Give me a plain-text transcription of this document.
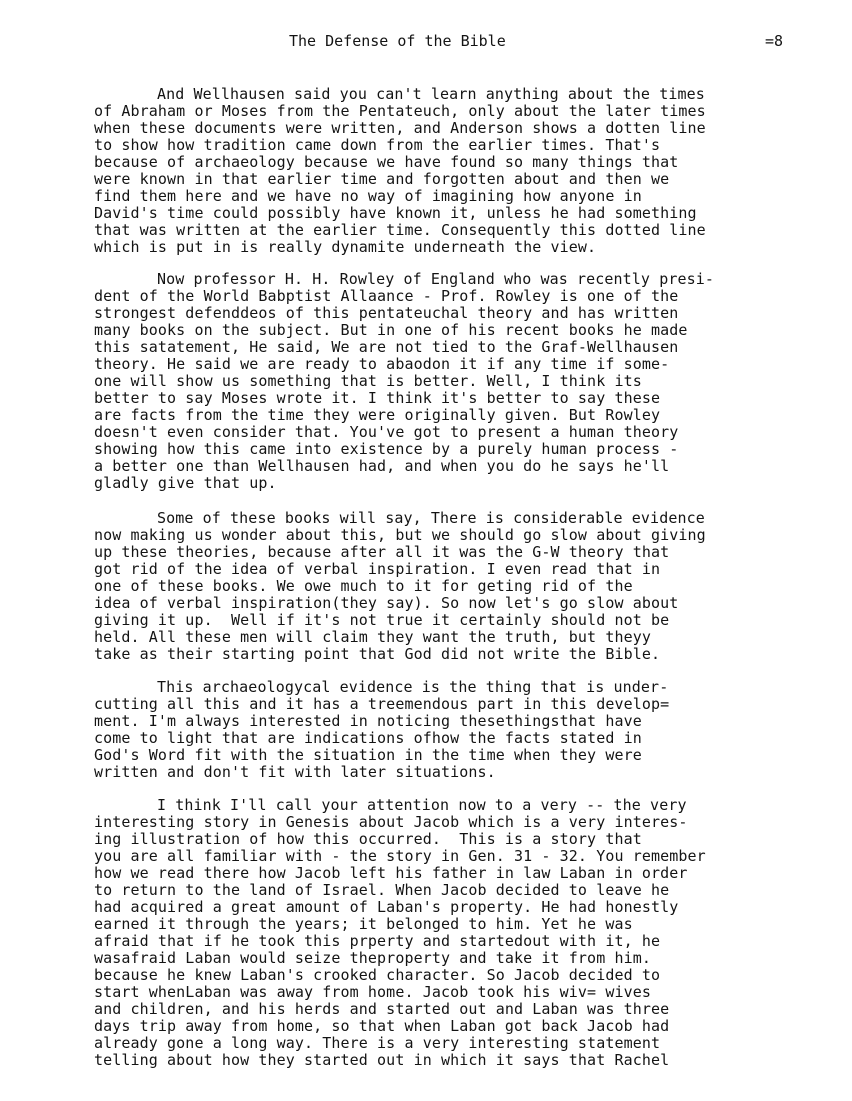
The Defense of the Bible	=8
And Wellhausen said you can't learn anything about the times
of Abraham or Moses from the Pentateuch, only about the later times
when these documents were written, and Anderson shows a dotten line
to show how tradition came down from the earlier times. That's
because of archaeology because we have found so many things that
were known in that earlier time and forgotten about and then we
find them here and we have no way of imagining how anyone in
David's time could possibly have known it, unless he had something
that was written at the earlier time. Consequently this dotted line
which is put in is really dynamite underneath the view.
Now professor H. H. Rowley of England who was recently presi-
dent of the World Babptist Allaance - Prof. Rowley is one of the
strongest defenddeos of this pentateuchal theory and has written
many books on the subject. But in one of his recent books he made
this satatement, He said, We are not tied to the Graf-Wellhausen
theory. He said we are ready to abaodon it if any time if some-
one will show us something that is better. Well, I think its
better to say Moses wrote it. I think it's better to say these
are facts from the time they were originally given. But Rowley
doesn't even consider that. You've got to present a human theory
showing how this came into existence by a purely human process -
a better one than Wellhausen had, and when you do he says he'll
gladly give that up.
Some of these books will say, There is considerable evidence
now making us wonder about this, but we should go slow about giving
up these theories, because after all it was the G-W theory that
got rid of the idea of verbal inspiration. I even read that in
one of these books. We owe much to it for geting rid of the
idea of verbal inspiration(they say). So now let's go slow about
giving it up.  Well if it's not true it certainly should not be
held. All these men will claim they want the truth, but theyy
take as their starting point that God did not write the Bible.
This archaeologycal evidence is the thing that is under-
cutting all this and it has a treemendous part in this develop=
ment. I'm always interested in noticing thesethingsthat have
come to light that are indications ofhow the facts stated in
God's Word fit with the situation in the time when they were
written and don't fit with later situations.
I think I'll call your attention now to a very -- the very
interesting story in Genesis about Jacob which is a very interes-
ing illustration of how this occurred.  This is a story that
you are all familiar with - the story in Gen. 31 - 32. You remember
how we read there how Jacob left his father in law Laban in order
to return to the land of Israel. When Jacob decided to leave he
had acquired a great amount of Laban's property. He had honestly
earned it through the years; it belonged to him. Yet he was
afraid that if he took this prperty and startedout with it, he
wasafraid Laban would seize theproperty and take it from him.
because he knew Laban's crooked character. So Jacob decided to
start whenLaban was away from home. Jacob took his wiv= wives
and children, and his herds and started out and Laban was three
days trip away from home, so that when Laban got back Jacob had
already gone a long way. There is a very interesting statement
telling about how they started out in which it says that Rachel
